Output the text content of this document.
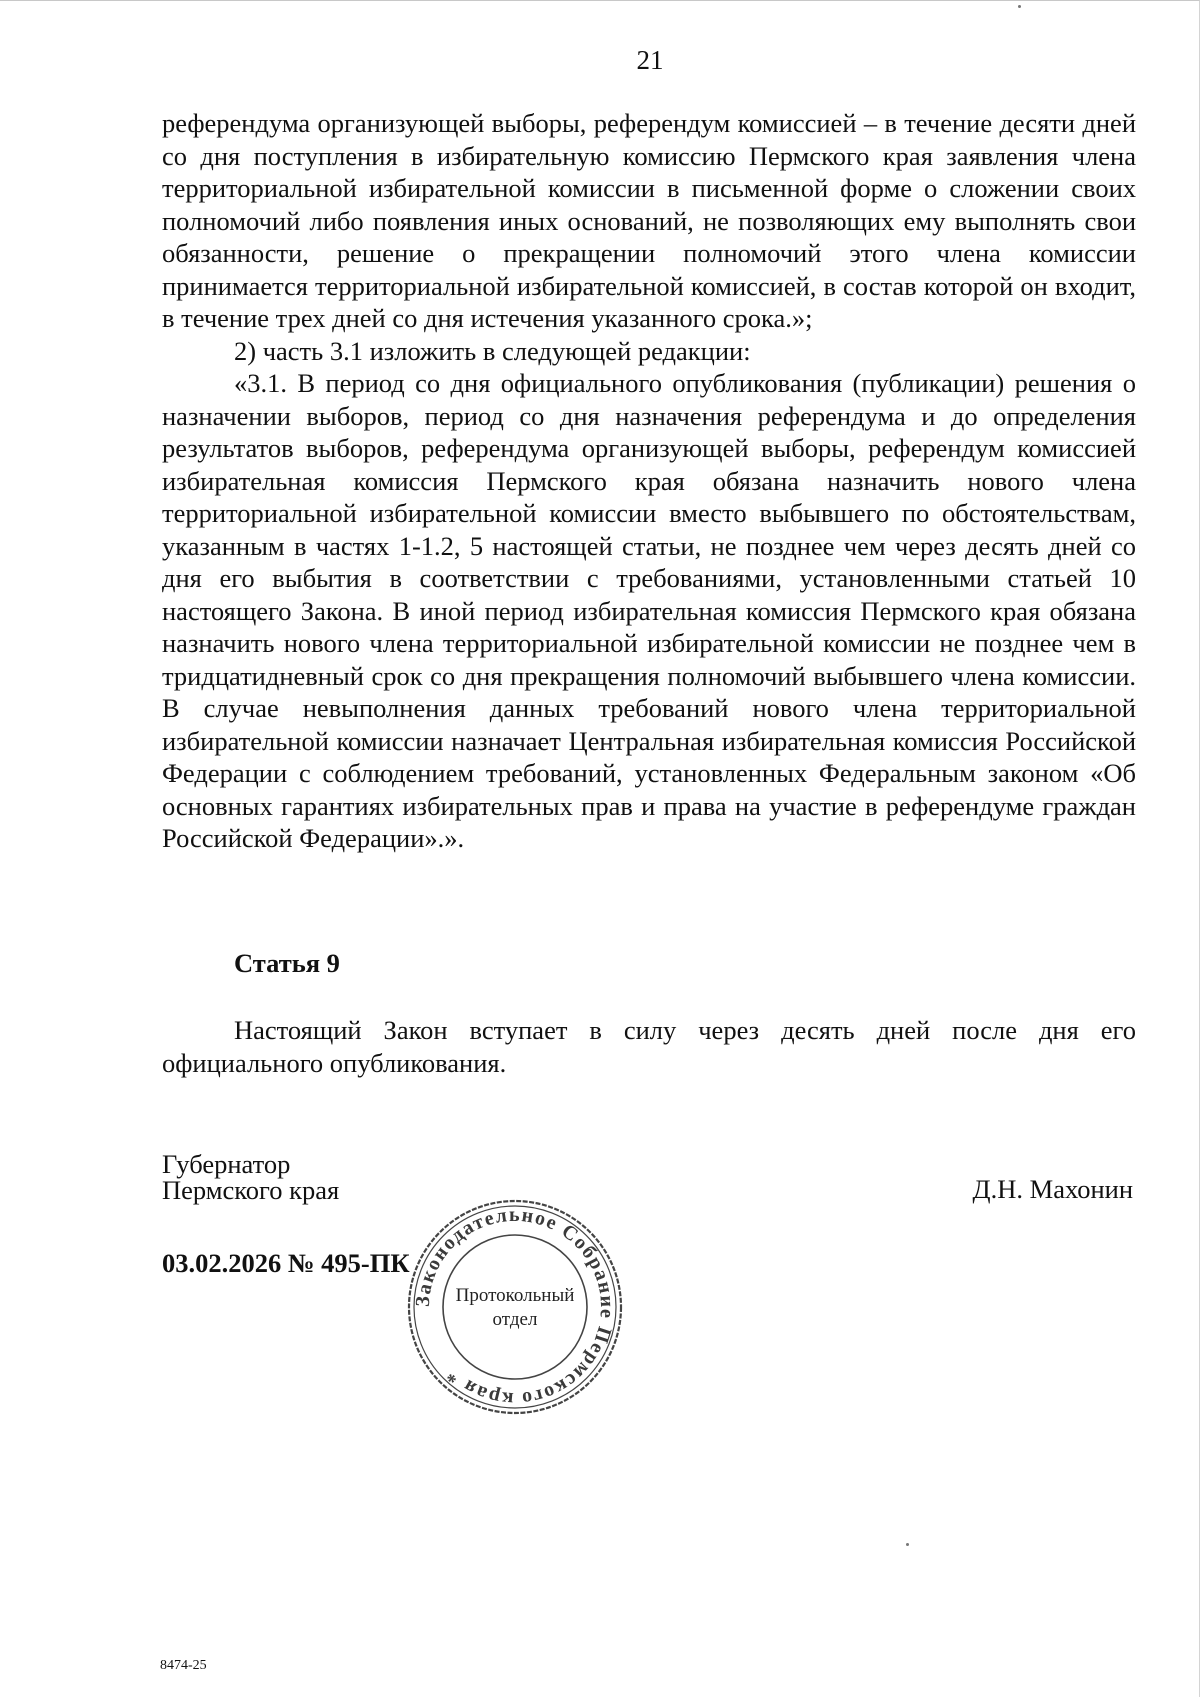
21

референдума организующей выборы, референдум комиссией – в течение десяти дней со дня поступления в избирательную комиссию Пермского края заявления члена территориальной избирательной комиссии в письменной форме о сложении своих полномочий либо появления иных оснований, не позволяющих ему выполнять свои обязанности, решение о прекращении полномочий этого члена комиссии принимается территориальной избирательной комиссией, в состав которой он входит, в течение трех дней со дня истечения указанного срока.»;

2) часть 3.1 изложить в следующей редакции:

«3.1. В период со дня официального опубликования (публикации) решения о назначении выборов, период со дня назначения референдума и до определения результатов выборов, референдума организующей выборы, референдум комиссией избирательная комиссия Пермского края обязана назначить нового члена территориальной избирательной комиссии вместо выбывшего по обстоятельствам, указанным в частях 1-1.2, 5 настоящей статьи, не позднее чем через десять дней со дня его выбытия в соответствии с требованиями, установленными статьей 10 настоящего Закона. В иной период избирательная комиссия Пермского края обязана назначить нового члена территориальной избирательной комиссии не позднее чем в тридцатидневный срок со дня прекращения полномочий выбывшего члена комиссии. В случае невыполнения данных требований нового члена территориальной избирательной комиссии назначает Центральная избирательная комиссия Российской Федерации с соблюдением требований, установленных Федеральным законом «Об основных гарантиях избирательных прав и права на участие в референдуме граждан Российской Федерации».».

Статья 9

Настоящий Закон вступает в силу через десять дней после дня его официального опубликования.

Губернатор
Пермского края	Д.Н. Махонин
03.02.2026 № 495-ПК
Законодательное Собрание Пермского края *
Протокольный
отдел
8474-25
